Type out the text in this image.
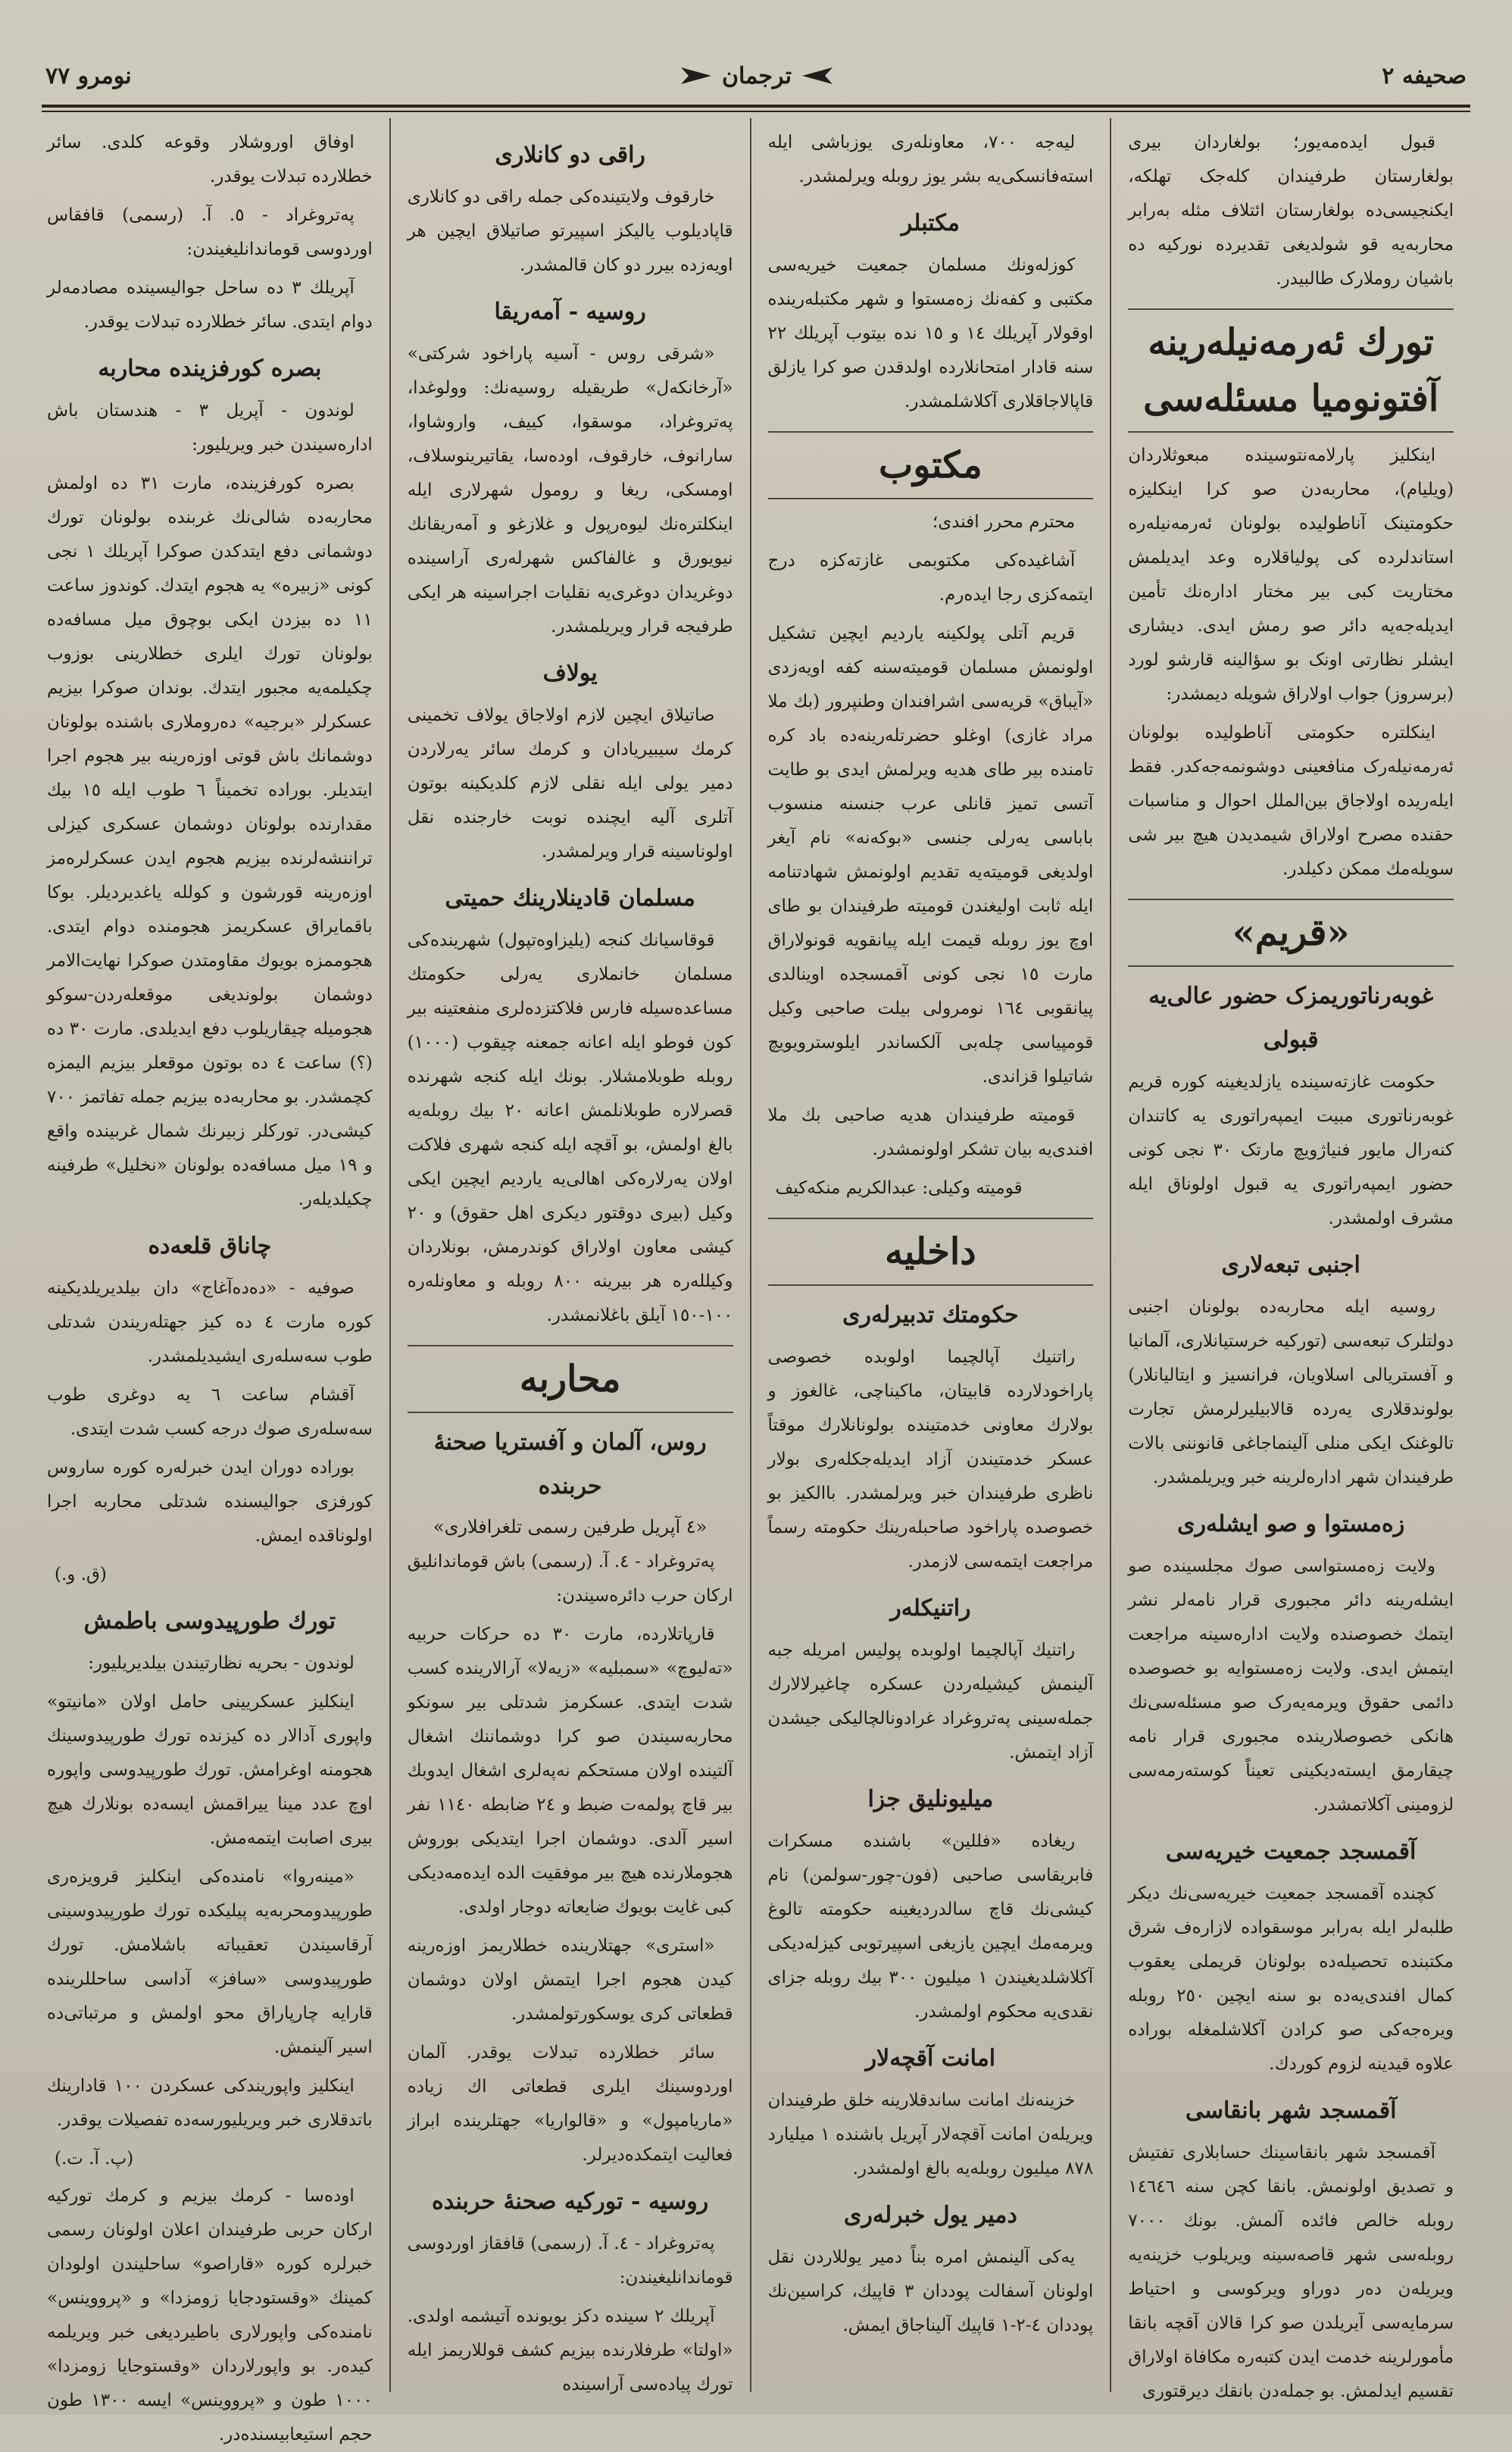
صحیفه ٢
ترجمان
نومرو ٧٧

قبول ایده‌مه‌یور؛ بولغاردان بیری بولغارستان طرفیندان کله‌جک تهلکه، ایکنجیسی‌ده بولغارستان ائتلاف مثله به‌رابر محاربه‌یه قو شولدیغی تقدیرده نورکیه ده باشیان روملارک طالبیدر.

تورك ئه‌رمه‌نیله‌رینه آفتونومیا مسئله‌سی

اینکلیز پارلامه‌نتوسینده مبعوثلاردان (ویلیام)، محاربه‌دن صو کرا اینکلیزه حکومتینک آناطولیده بولونان ئه‌رمه‌نیله‌ره استاندلرده کی پولیاقلاره وعد ایدیلمش مختاریت کبی بیر مختار اداره‌نك تأمین ایدیله‌جه‌یه دائر صو رمش ایدی. دیشاری ایشلر نظارتی اونک بو سؤالینه قارشو لورد (برسروز) جواب اولاراق شویله دیمشدر:

اینکلتره حکومتی آناطولیده بولونان ئه‌رمه‌نیله‌رک منافعینی دوشونمه‌جه‌کدر. فقط ایله‌ریده اولاجاق بین‌الملل احوال و مناسبات حقنده مصرح اولاراق شیمدیدن هیچ بیر شی سویله‌مك ممکن دکیلدر.

«قریم»
غوبه‌رناتوریمزک حضور عالی‌یه قبولی

حکومت غازته‌سینده یازلدیغینه کوره قریم غوبه‌رناتوری مبیت ایمپه‌راتوری یه کاتندان کنه‌رال مایور فنیاژویچ مارتک ٣٠ نجی کونی حضور ایمپه‌راتوری یه قبول اولوناق ایله مشرف اولمشدر.

اجنبی تبعه‌لاری

روسیه ایله محاربه‌ده بولونان اجنبی دولتلرک تبعه‌سی (تورکیه خرستیانلاری، آلمانیا و آفستریالی اسلاویان، فرانسیز و ایتالیانلار) بولوندقلاری یه‌رده قالابیلیرلرمش تجارت تالوغنک ایکی منلی آلینماجاغی قانوننی بالات طرفیندان شهر اداره‌لرینه خبر ویریلمشدر.

زه‌مستوا و صو ایشله‌ری

ولایت زه‌مستواسی صوك مجلسینده صو ایشله‌رینه دائر مجبوری قرار نامه‌لر نشر ایتمك خصوصنده ولایت اداره‌سینه مراجعت ایتمش ایدی. ولایت زه‌مستوایه بو خصوصده دائمی حقوق ویرمه‌یه‌رک صو مسئله‌سی‌نك هانکی خصوصلارینده مجبوری قرار نامه چیقارمق ایسته‌دیکینی تعیناً کوسته‌رمه‌سی لزومینی آکلاتمشدر.

آقمسجد جمعیت خیریه‌سی

کچنده آقمسجد جمعیت خیریه‌سی‌نك دیکر طلبه‌لر ایله به‌رابر موسقواده لازاره‌ف شرق مکتبنده تحصیله‌ده بولونان قریملی یعقوب کمال افندی‌یه‌ده بو سنه ایچین ٢٥٠ روبله ویره‌جه‌کی صو کرادن آکلاشلمغله بوراده علاوه قیدینه لزوم کوردك.

آقمسجد شهر بانقاسی

آقمسجد شهر بانقاسینك حسابلاری تفتیش و تصدیق اولونمش. بانقا کچن سنه ١٤٦٤٦ روبله خالص فائده آلمش. بونك ٧٠٠٠ روبله‌سی شهر قاصه‌سینه ویریلوب خزینه‌یه ویریله‌ن ده‌ر دوراو ویرکوسی و احتیاط سرمایه‌سی آیریلدن صو کرا قالان آقچه بانقا مأمورلرینه خدمت ایدن کتبه‌ره مکافاة اولاراق تقسیم ایدلمش. بو جمله‌دن بانقك دیرقتوری

لیه‌جه ٧٠٠، معاونله‌ری یوزباشی ایله استه‌فانسکی‌یه بشر یوز روبله ویرلمشدر.

مکتبلر

کوزله‌ونك مسلمان جمعیت خیریه‌سی مکتبی و کفه‌نك زه‌مستوا و شهر مکتبله‌رینده اوقولار آپریلك ١٤ و ١٥ نده بیتوب آپریلك ٢٢ سنه قادار امتحانلارده اولدقدن صو کرا یازلق قاپالاجاقلاری آکلاشلمشدر.

مکتوب

محترم محرر افندی؛

آشاغیده‌کی مکتوبمی غازته‌کزه درج ایتمه‌کزی رجا ایده‌رم.

قریم آتلی پولکینه یاردیم ایچین تشکیل اولونمش مسلمان قومیته‌سنه کفه اویه‌زدی «آیباق» قریه‌سی اشرافندان وطنپرور (بك ملا مراد غازی) اوغلو حضرتله‌رینه‌ده باد کره تامنده بیر طای هدیه ویرلمش ایدی بو طایت آتسی تمیز قانلی عرب جنسنه منسوب باباسی یه‌رلی جنسی «بوکه‌نه» نام آیغر اولدیغی قومیته‌یه تقدیم اولونمش شهادتنامه ایله ثابت اولیغندن قومیته طرفیندان بو طای اوچ یوز روبله قیمت ایله پیانقویه قونولاراق مارت ١٥ نجی کونی آقمسجده اوینالدی پیانقوبی ١٦٤ نومرولی بیلت صاحبی وکیل قومپیاسی چله‌بی آلکساندر ایلوسترویویچ شاتیلوا قزاندی.

قومیته طرفیندان هدیه صاحبی بك ملا افندی‌یه بیان تشکر اولونمشدر.

قومیته وکیلی: عبدالکریم منکه‌کیف
داخلیه
حکومتك تدبیرله‌ری

راتنیك آپالچیما اولوبده خصوصی پاراخودلارده قابیتان، ماکیناچی، غالغوز و بولارك معاونی خدمتینده بولونانلارك موقتاً عسکر خدمتیندن آزاد ایدیله‌جکله‌ری بولار ناظری طرفیندان خبر ویرلمشدر. باالکیز بو خصوصده پاراخود صاحبله‌رینك حکومته رسماً مراجعت ایتمه‌سی لازمدر.

راتنیکله‌ر

راتنیك آپالچیما اولوبده پولیس امریله جبه آلینمش کیشیله‌ردن عسکره چاغیرلالارك جمله‌سینی په‌تروغراد غرادونالچالیکی جیشدن آزاد ایتمش.

میلیونلیق جزا

ریغاده «فللین» باشنده مسکرات فابریقاسی صاحبی (فون-چور-سولمن) نام کیشی‌نك قاچ سالدردیغینه حکومته تالوغ ویرمه‌مك ایچین یازیغی اسپیرتوبی کیزله‌دیکی آکلاشلدیغیندن ١ میلیون ٣٠٠ بیك روبله جزای نقدی‌یه محکوم اولمشدر.

امانت آقچه‌لار

خزینه‌نك امانت ساندقلارینه خلق طرفیندان ویریله‌ن امانت آقچه‌لار آپریل باشنده ١ میلیارد ٨٧٨ میلیون روبله‌یه بالغ اولمشدر.

دمیر یول خبرله‌ری

یه‌کی آلینمش امره بنا‌ً دمیر یوللاردن نقل اولونان آسفالت پوددان ٣ قاپیك، کراسین‌نك پوددان ٤-٢-١ قاپیك آلیناجاق ایمش.

راقی دو کانلاری

خارقوف ولایتینده‌کی جمله راقی دو کانلاری قاپادیلوب یالیکز اسپیرتو صاتیلاق ایچین هر اویه‌زده بیرر دو کان قالمشدر.

روسیه - آمه‌ریقا

«شرقی روس - آسیه پاراخود شرکتی» «آرخانکه‌ل» طریقیله روسیه‌نك: وولوغدا، په‌تروغراد، موسقوا، کییف، واروشاوا، سارانوف، خارقوف، اوده‌سا، یقاتیرینوسلاف، اومسکی، ریغا و رومول شهرلاری ایله اینکلتره‌نك لیوه‌رپول و غلازغو و آمه‌ریقانك نیویورق و غالفاکس شهرله‌ری آراسینده دوغریدان دوغری‌یه نقلیات اجراسینه هر ایکی طرفیجه قرار ویریلمشدر.

یولاف

صاتیلاق ایچین لازم اولاجاق یولاف تخمینی کرمك سیبیریادان و کرمك سائر یه‌رلاردن دمیر یولی ایله نقلی لازم کلدیکینه بوتون آتلری آلیه ایچنده نوبت خارجنده نقل اولوناسینه قرار ویرلمشدر.

مسلمان قادینلارینك حمیتی

قوقاسیانك کنجه (یلیزاوه‌تپول) شهرینده‌کی مسلمان خانملاری یه‌رلی حکومتك مساعده‌سیله فارس فلاکتزده‌لری منفعتینه بیر کون فوطو ایله اعانه جمعنه چیقوب (١٠٠٠) روبله طوبلامشلار. بونك ایله کنجه شهرنده قصرلاره طوبلانلمش اعانه ٢٠ بیك روبله‌یه بالغ اولمش، بو آقچه ایله کنجه شهری فلاکت اولان یه‌رلاره‌کی اهالی‌یه یاردیم ایچین ایکی وکیل (بیری دوقتور دیکری اهل حقوق) و ٢٠ کیشی معاون اولاراق کوندرمش، بونلاردان وکیلله‌ره هر بیرینه ٨٠٠ روبله و معاونله‌ره ١٠٠-١٥٠ آیلق باغلانمشدر.

محاربه
روس، آلمان و آفستریا صحنهٔ حربنده
«٤ آپریل طرفین رسمی تلغرافلاری»

په‌تروغراد - ٤. آ. (رسمی) باش قوماندانلیق ارکان حرب دائره‌سیندن:

قارپاتلارده، مارت ٣٠ ده حرکات حربیه «ته‌لیوچ» «سمبلیه» «زیه‌لا» آرالارینده کسب شدت ایتدی. عسکرمز شدتلی بیر سونکو محاربه‌سیندن صو کرا دوشماننك اشغال آلتینده اولان مستحکم نه‌په‌لری اشغال ایدوبك بیر قاچ پولمه‌ت ضبط و ٢٤ ضابطه ١١٤٠ نفر اسیر آلدی. دوشمان اجرا ایتدیکی بوروش هجوملارنده هیچ بیر موفقیت الده ایده‌مه‌دیکی کبی غایت بویوك ضایعاته دوجار اولدی.

«استری» جهتلارینده خطلاریمز اوزه‌رینه کیدن هجوم اجرا ایتمش اولان دوشمان قطعاتی کری یوسکورتولمشدر.

سائر خطلارده تبدلات یوقدر. آلمان اوردوسینك ایلری قطعاتی اك زیاده «ماریامپول» و «قالواریا» جهتلرینده ابراز فعالیت ایتمکده‌دیرلر.

روسیه - تورکیه صحنهٔ حربنده

په‌تروغراد - ٤. آ. (رسمی) قافقاز اوردوسی قوماندانلیغیندن:

آپریلك ٢ سینده دکز بویونده آتیشمه اولدی. «اولتا» طرفلارنده بیزیم کشف قوللاریمز ایله تورك پیاده‌سی آراسینده

اوفاق اوروشلار وقوعه کلدی. سائر خطلارده تبدلات یوقدر.

په‌تروغراد - ٥. آ. (رسمی) قافقاس اوردوسی قوماندانلیغیندن:

آپریلك ٣ ده ساحل جوالیسینده مصادمه‌لر دوام ایتدی. سائر خطلارده تبدلات یوقدر.

بصره کورفزینده محاربه

لوندون - آپریل ٣ - هندستان باش اداره‌سیندن خبر ویریلیور:

بصره کورفزینده، مارت ٣١ ده اولمش محاربه‌ده شالی‌نك غربنده بولونان تورك دوشمانی دفع ایتدکدن صوکرا آپریلك ١ نجی کونی «زبیره» یه هجوم ایتدك. کوندوز ساعت ١١ ده بیزدن ایکی بوچوق میل مسافه‌ده بولونان تورك ایلری خطلارینی بوزوب چکیلمه‌یه مجبور ایتدك. بوندان صوکرا بیزیم عسکرلر «برجیه» ده‌روملاری باشنده بولونان دوشمانك باش قوتی اوزه‌رینه بیر هجوم اجرا ایتدیلر. بوراده تخمیناً ٦ طوب ایله ١٥ بیك مقدارنده بولونان دوشمان عسکری کیزلی تراننشه‌لرنده بیزیم هجوم ایدن عسکرلره‌مز اوزه‌رینه قورشون و کولله یاغدیردیلر. بوکا باقمایراق عسکریمز هجومنده دوام ایتدی. هجوممزه بویوك مقاومتدن صوکرا نهایت‌الامر دوشمان بولوندیغی موقعله‌ردن-سوکو هجومیله چیقاریلوب دفع ایدیلدی. مارت ٣٠ ده (؟) ساعت ٤ ده بوتون موقعلر بیزیم الیمزه کچمشدر. بو محاربه‌ده بیزیم جمله تفاتمز ٧٠٠ کیشی‌در. تورکلر زبیرنك شمال غربینده واقع و ١٩ میل مسافه‌ده بولونان «نخلیل» طرفینه چکیلدیله‌ر.

چاناق قلعه‌ده

صوفیه - «ده‌ده‌آغاج» دان بیلدیریلدیکینه کوره مارت ٤ ده کیز جهتله‌ریندن شدتلی طوب سه‌سله‌ری ایشیدیلمشدر.

آقشام ساعت ٦ یه دوغری طوب سه‌سله‌ری صوك درجه کسب شدت ایتدی.

بوراده دوران ایدن خبرله‌ره کوره ساروس کورفزی جوالیسنده شدتلی محاربه اجرا اولوناقده ایمش.

(ق. و.)
تورك طورپیدوسی باطمش

لوندون - بحریه نظارتیندن بیلدیریلیور:

اینکلیز عسکریینی حامل اولان «مانیتو» واپوری آدالار ده کیزنده تورك طورپیدوسینك هجومنه اوغرامش. تورك طورپیدوسی واپوره اوچ عدد مینا ییراقمش ایسه‌ده بونلارك هیچ بیری اصابت ایتمه‌مش.

«مینه‌روا» نامنده‌کی اینکلیز قرویزه‌ری طورپیدومحربه‌یه پیلیکده تورك طورپیدوسینی آرقاسیندن تعقیباته باشلامش. تورك طورپیدوسی «سافز» آداسی ساحللرینده قارایه چارپاراق محو اولمش و مرتباتی‌ده اسیر آلینمش.

اینکلیز واپوریندکی عسکردن ١٠٠ قادارینك باتدقلاری خبر ویریلیورسه‌ده تفصیلات یوقدر.

(پ. آ. ت.)

اوده‌سا - کرمك بیزیم و کرمك تورکیه ارکان حربی طرفیندان اعلان اولونان رسمی خبرلره کوره «قاراصو» ساحلیندن اولودان کمینك «وقستودجایا زومزدا» و «پرووینس» نامنده‌کی واپورلاری باطیردیغی خبر ویریلمه کیده‌ر. بو واپورلاردان «وقستوجایا زومزدا» ١٠٠٠ طون و «پرووینس» ایسه ١٣٠٠ طون حجم استیعابیسنده‌در.
